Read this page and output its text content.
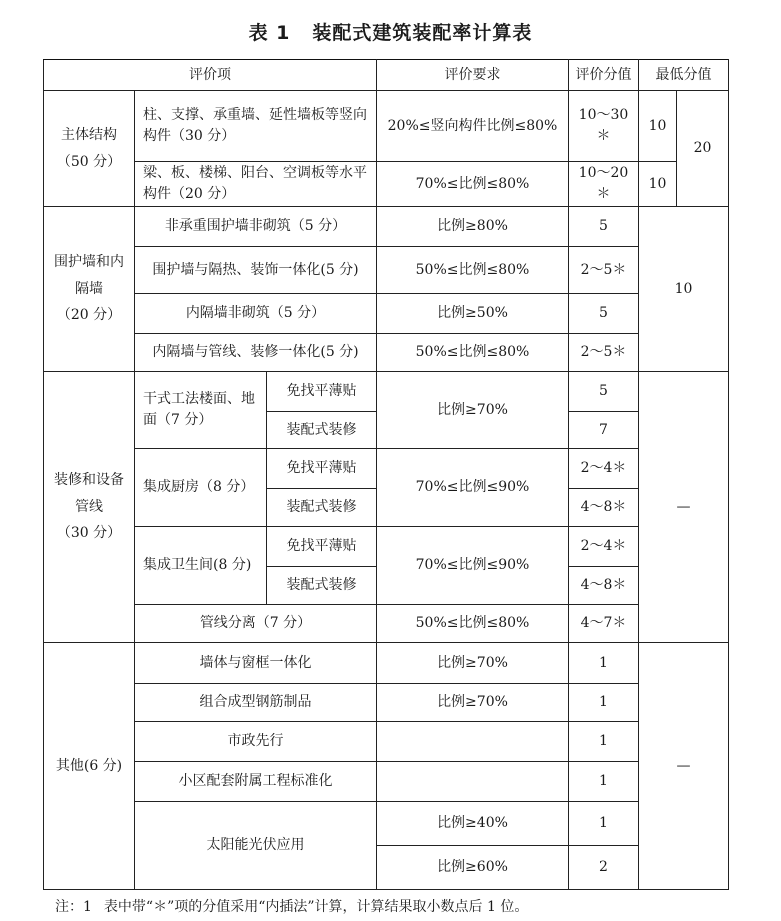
表 1 装配式建筑装配率计算表
评价项			评价要求	评价分值	最低分值	

主体结构
（50 分）	柱、支撑、承重墙、延性墙板等竖向构件（30 分）		20%≤竖向构件比例≤80%	10～30＊	10	20
	梁、板、楼梯、阳台、空调板等水平构件（20 分）		70%≤比例≤80%	10～20＊	10	

围护墙和内
隔墙
（20 分）	非承重围护墙非砌筑（5 分）		比例≥80%	5	10	
	围护墙与隔热、装饰一体化(5 分)		50%≤比例≤80%	2～5＊		
	内隔墙非砌筑（5 分）		比例≥50%	5		
	内隔墙与管线、装修一体化(5 分)		50%≤比例≤80%	2～5＊		

装修和设备
管线
（30 分）	干式工法楼面、地面（7 分）	免找平薄贴	比例≥70%	5	—	
		装配式装修		7		
	集成厨房（8 分）	免找平薄贴	70%≤比例≤90%	2～4＊		
		装配式装修		4～8＊		
	集成卫生间(8 分)	免找平薄贴	70%≤比例≤90%	2～4＊		
		装配式装修		4～8＊		
	管线分离（7 分）		50%≤比例≤80%	4～7＊		
其他(6 分)	墙体与窗框一体化		比例≥70%	1	—	
	组合成型钢筋制品		比例≥70%	1		
	市政先行			1		
	小区配套附属工程标准化			1		
	太阳能光伏应用		比例≥40%	1		
			比例≥60%	2		
注：1 表中带“＊”项的分值采用“内插法”计算，计算结果取小数点后 1 位。
